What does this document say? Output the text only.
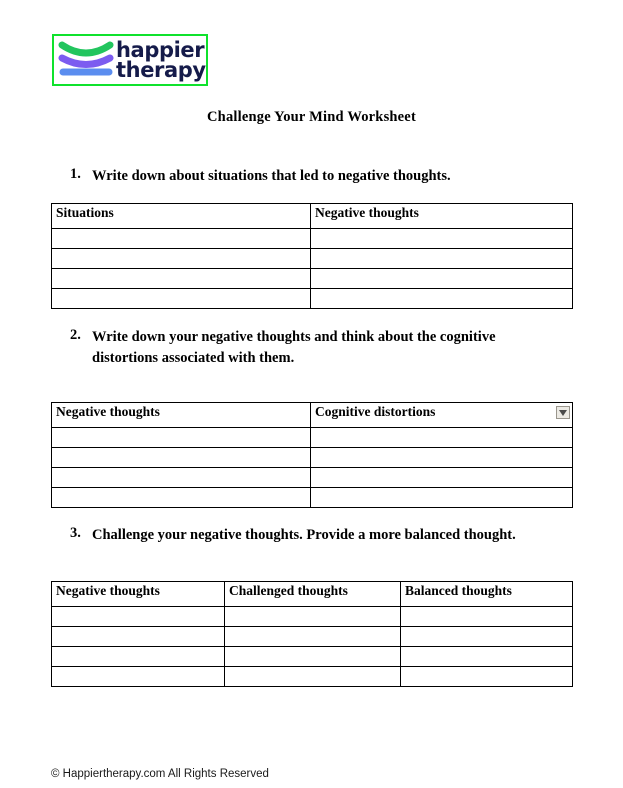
happier
therapy
Challenge Your Mind Worksheet
1. Write down about situations that led to negative thoughts.
Situations	Negative thoughts

2. Write down your negative thoughts and think about the cognitive distortions associated with them.
Negative thoughts	Cognitive distortions

3. Challenge your negative thoughts. Provide a more balanced thought.
Negative thoughts	Challenged thoughts	Balanced thoughts

© Happiertherapy.com All Rights Reserved
